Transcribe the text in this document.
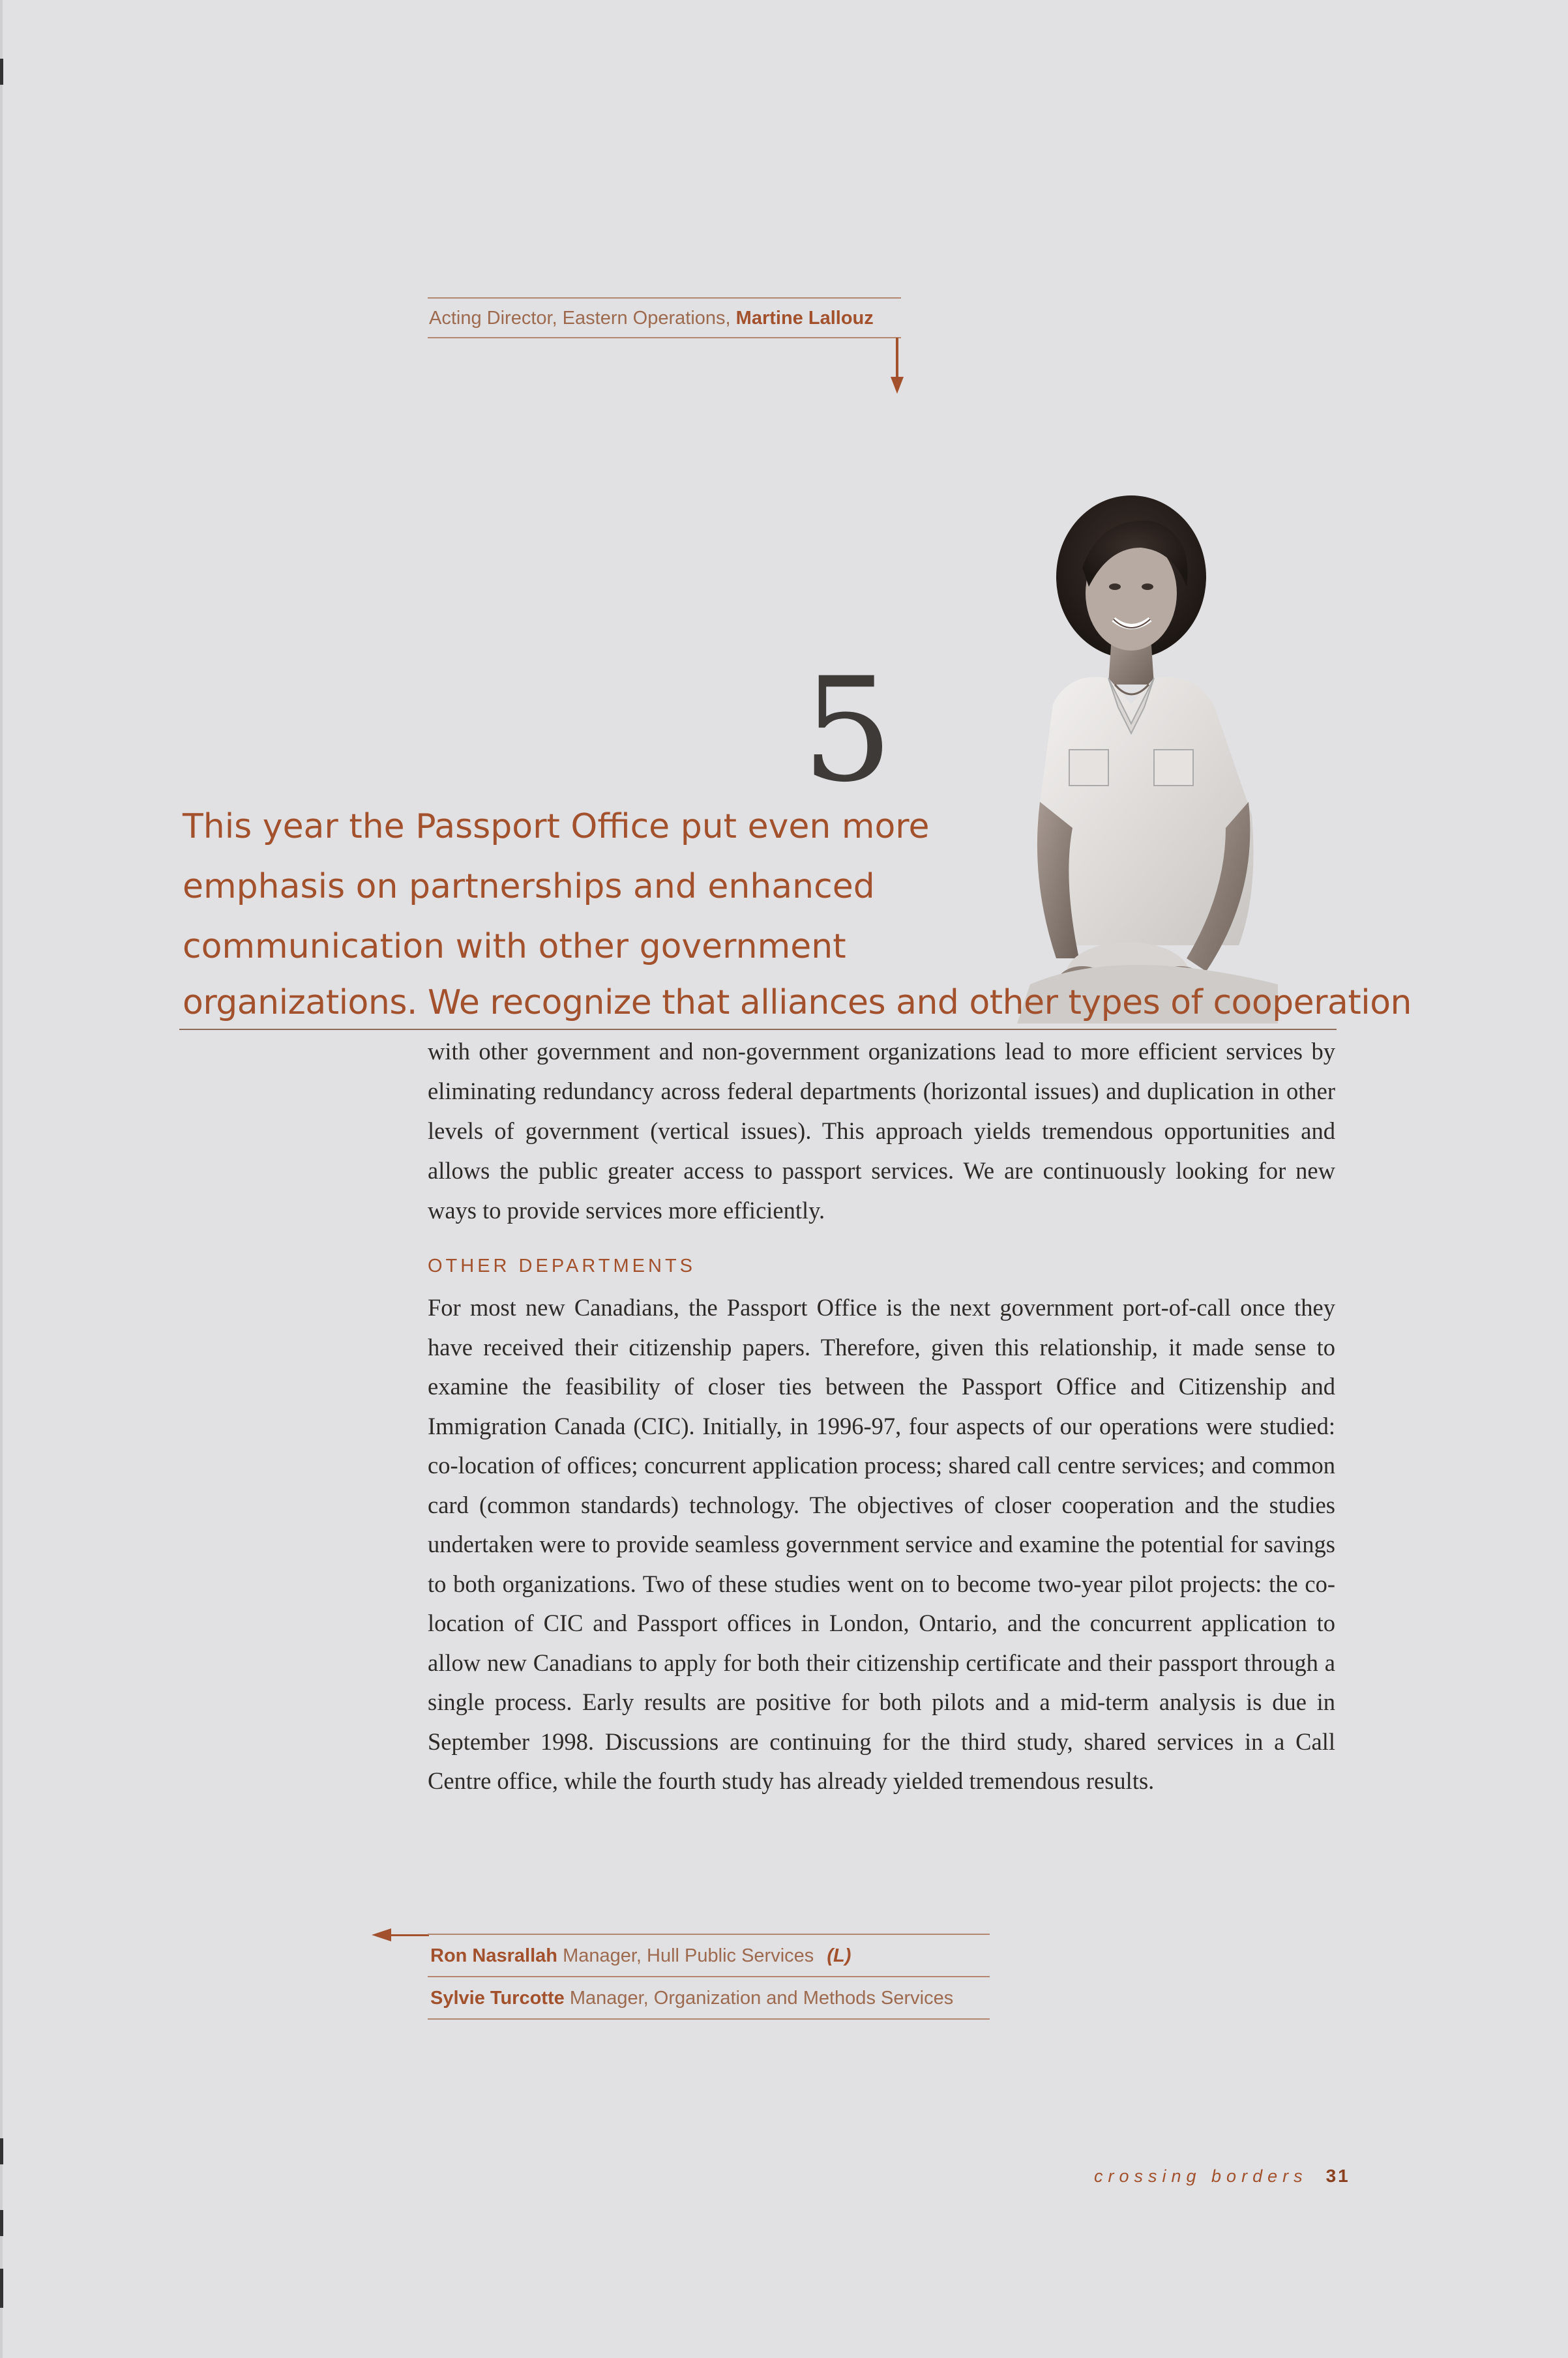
Acting Director, Eastern Operations, Martine Lallouz
5
This year the Passport Office put even more
emphasis on partnerships and enhanced
communication with other government
organizations. We recognize that alliances and other types of cooperation
with other government and non-government organizations lead to more efficient services by eliminating redundancy across federal departments (horizontal issues) and duplication in other levels of government (vertical issues). This approach yields tremendous opportunities and allows the public greater access to passport services. We are continuously looking for new ways to provide services more efficiently.
OTHER DEPARTMENTS
For most new Canadians, the Passport Office is the next government port-of-call once they have received their citizenship papers. Therefore, given this relationship, it made sense to examine the feasibility of closer ties between the Passport Office and Citizenship and Immigration Canada (CIC). Initially, in 1996-97, four aspects of our operations were studied: co-location of offices; concurrent application process; shared call centre services; and common card (common standards) technology. The objectives of closer cooperation and the studies undertaken were to provide seamless government service and examine the potential for savings to both organizations. Two of these studies went on to become two-year pilot projects: the co-location of CIC and Passport offices in London, Ontario, and the concurrent application to allow new Canadians to apply for both their citizenship certificate and their passport through a single process. Early results are positive for both pilots and a mid-term analysis is due in September 1998. Discussions are continuing for the third study, shared services in a Call Centre office, while the fourth study has already yielded tremendous results.
Ron Nasrallah Manager, Hull Public Services (L)
Sylvie Turcotte Manager, Organization and Methods Services
crossing borders 31
